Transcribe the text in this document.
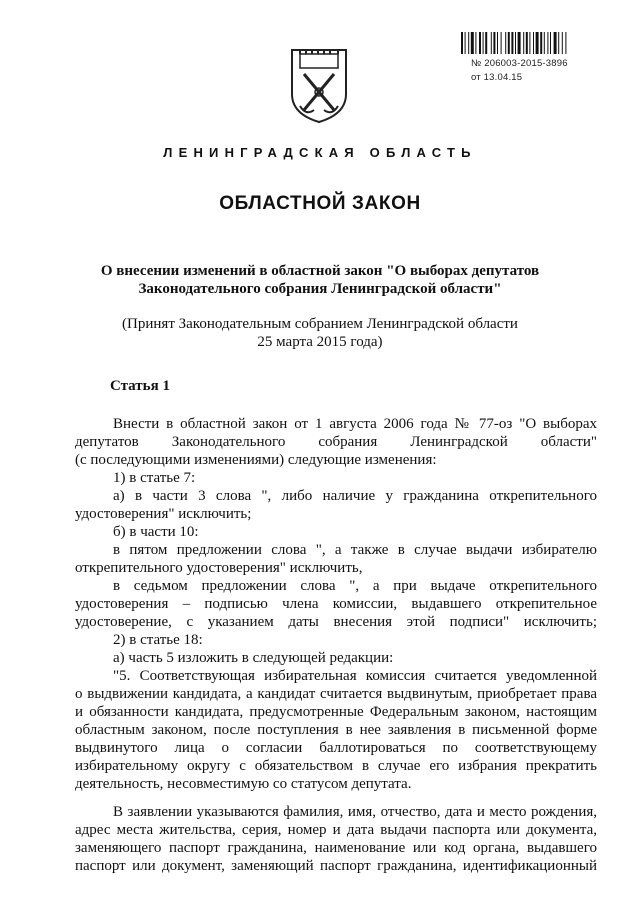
№ 206003-2015-3896
от 13.04.15
ЛЕНИНГРАДСКАЯ ОБЛАСТЬ
ОБЛАСТНОЙ ЗАКОН
О внесении изменений в областной закон "О выборах депутатов
Законодательного собрания Ленинградской области"
(Принят Законодательным собранием Ленинградской области
25 марта 2015 года)
Статья 1
Внести в областной закон от 1 августа 2006 года № 77-оз "О выборах
депутатов Законодательного собрания Ленинградской области"
(с последующими изменениями) следующие изменения:
1) в статье 7:
а) в части 3 слова ", либо наличие у гражданина открепительного
удостоверения" исключить;
б) в части 10:
в пятом предложении слова ", а также в случае выдачи избирателю
открепительного удостоверения" исключить,
в седьмом предложении слова ", а при выдаче открепительного
удостоверения – подписью члена комиссии, выдавшего открепительное
удостоверение, с указанием даты внесения этой подписи" исключить;
2) в статье 18:
а) часть 5 изложить в следующей редакции:
"5. Соответствующая избирательная комиссия считается уведомленной
о выдвижении кандидата, а кандидат считается выдвинутым, приобретает права
и обязанности кандидата, предусмотренные Федеральным законом, настоящим
областным законом, после поступления в нее заявления в письменной форме
выдвинутого лица о согласии баллотироваться по соответствующему
избирательному округу с обязательством в случае его избрания прекратить
деятельность, несовместимую со статусом депутата.
В заявлении указываются фамилия, имя, отчество, дата и место рождения,
адрес места жительства, серия, номер и дата выдачи паспорта или документа,
заменяющего паспорт гражданина, наименование или код органа, выдавшего
паспорт или документ, заменяющий паспорт гражданина, идентификационный
